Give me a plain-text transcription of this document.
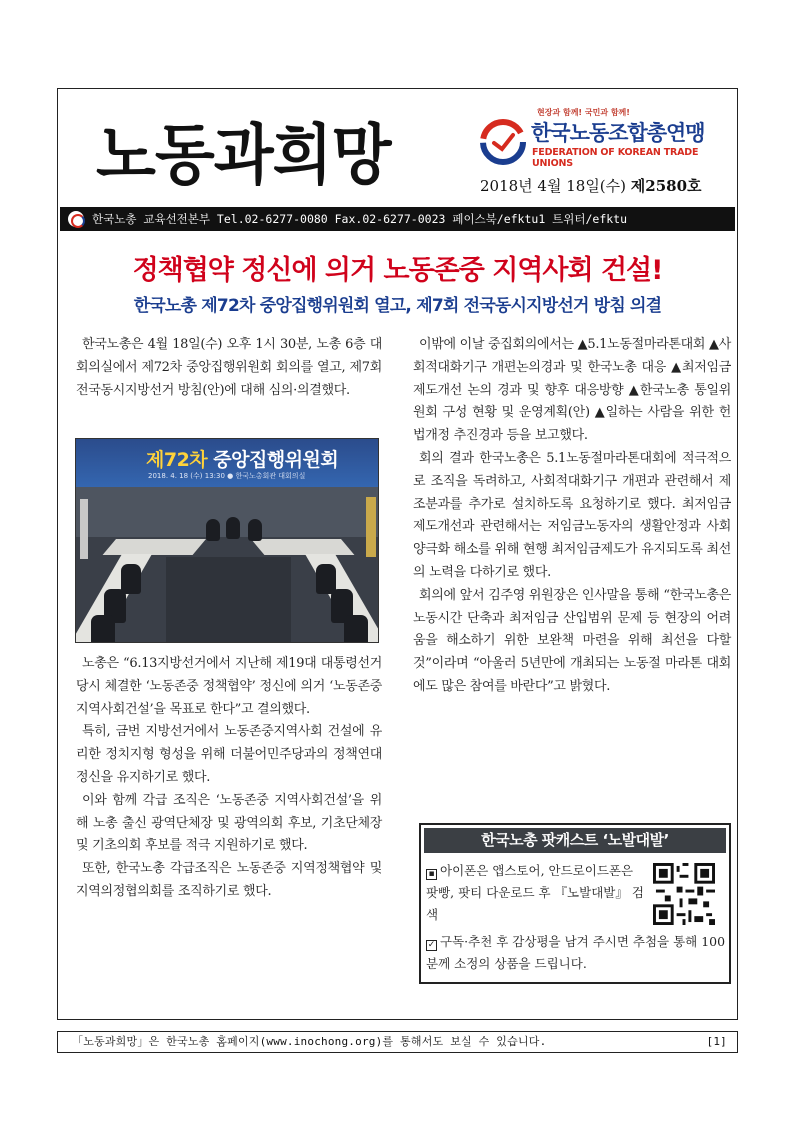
노동과희망
현장과 함께! 국민과 함께!
한국노동조합총연맹
FEDERATION OF KOREAN TRADE UNIONS
2018년 4월 18일(수) 제2580호
한국노총 교육선전본부 Tel.02-6277-0080 Fax.02-6277-0023 페이스북/efktu1 트위터/efktu
정책협약 정신에 의거 노동존중 지역사회 건설!
한국노총 제72차 중앙집행위원회 열고, 제7회 전국동시지방선거 방침 의결

한국노총은 4월 18일(수) 오후 1시 30분, 노총 6층 대회의실에서 제72차 중앙집행위원회 회의를 열고, 제7회 전국동시지방선거 방침(안)에 대해 심의·의결했다.

제72차 중앙집행위원회
2018. 4. 18 (수) 13:30 ● 한국노총회관 대회의실

노총은 “6.13지방선거에서 지난해 제19대 대통령선거 당시 체결한 ‘노동존중 정책협약’ 정신에 의거 ‘노동존중 지역사회건설’을 목표로 한다”고 결의했다.

특히, 금번 지방선거에서 노동존중지역사회 건설에 유리한 정치지형 형성을 위해 더불어민주당과의 정책연대 정신을 유지하기로 했다.

이와 함께 각급 조직은 ‘노동존중 지역사회건설’을 위해 노총 출신 광역단체장 및 광역의회 후보, 기초단체장 및 기초의회 후보를 적극 지원하기로 했다.

또한, 한국노총 각급조직은 노동존중 지역정책협약 및 지역의정협의회를 조직하기로 했다.

이밖에 이날 중집회의에서는 ▲5.1노동절마라톤대회 ▲사회적대화기구 개편논의경과 및 한국노총 대응 ▲최저임금 제도개선 논의 경과 및 향후 대응방향 ▲한국노총 통일위원회 구성 현황 및 운영계획(안) ▲일하는 사람을 위한 헌법개정 추진경과 등을 보고했다.

회의 결과 한국노총은 5.1노동절마라톤대회에 적극적으로 조직을 독려하고, 사회적대화기구 개편과 관련해서 제조분과를 추가로 설치하도록 요청하기로 했다. 최저임금 제도개선과 관련해서는 저임금노동자의 생활안정과 사회양극화 해소를 위해 현행 최저임금제도가 유지되도록 최선의 노력을 다하기로 했다.

회의에 앞서 김주영 위원장은 인사말을 통해 “한국노총은 노동시간 단축과 최저임금 산입범위 문제 등 현장의 어려움을 해소하기 위한 보완책 마련을 위해 최선을 다할 것”이라며 “아울러 5년만에 개최되는 노동절 마라톤 대회에도 많은 참여를 바란다”고 밝혔다.

한국노총 팟캐스트 ‘노발대발’
▪ 아이폰은 앱스토어, 안드로이드폰은 팟빵, 팟티 다운로드 후 『노발대발』 검색
✓ 구독·추천 후 감상평을 남겨 주시면 추첨을 통해 100분께 소정의 상품을 드립니다.
「노동과희망」은 한국노총 홈페이지(www.inochong.org)를 통해서도 보실 수 있습니다.	[1]
